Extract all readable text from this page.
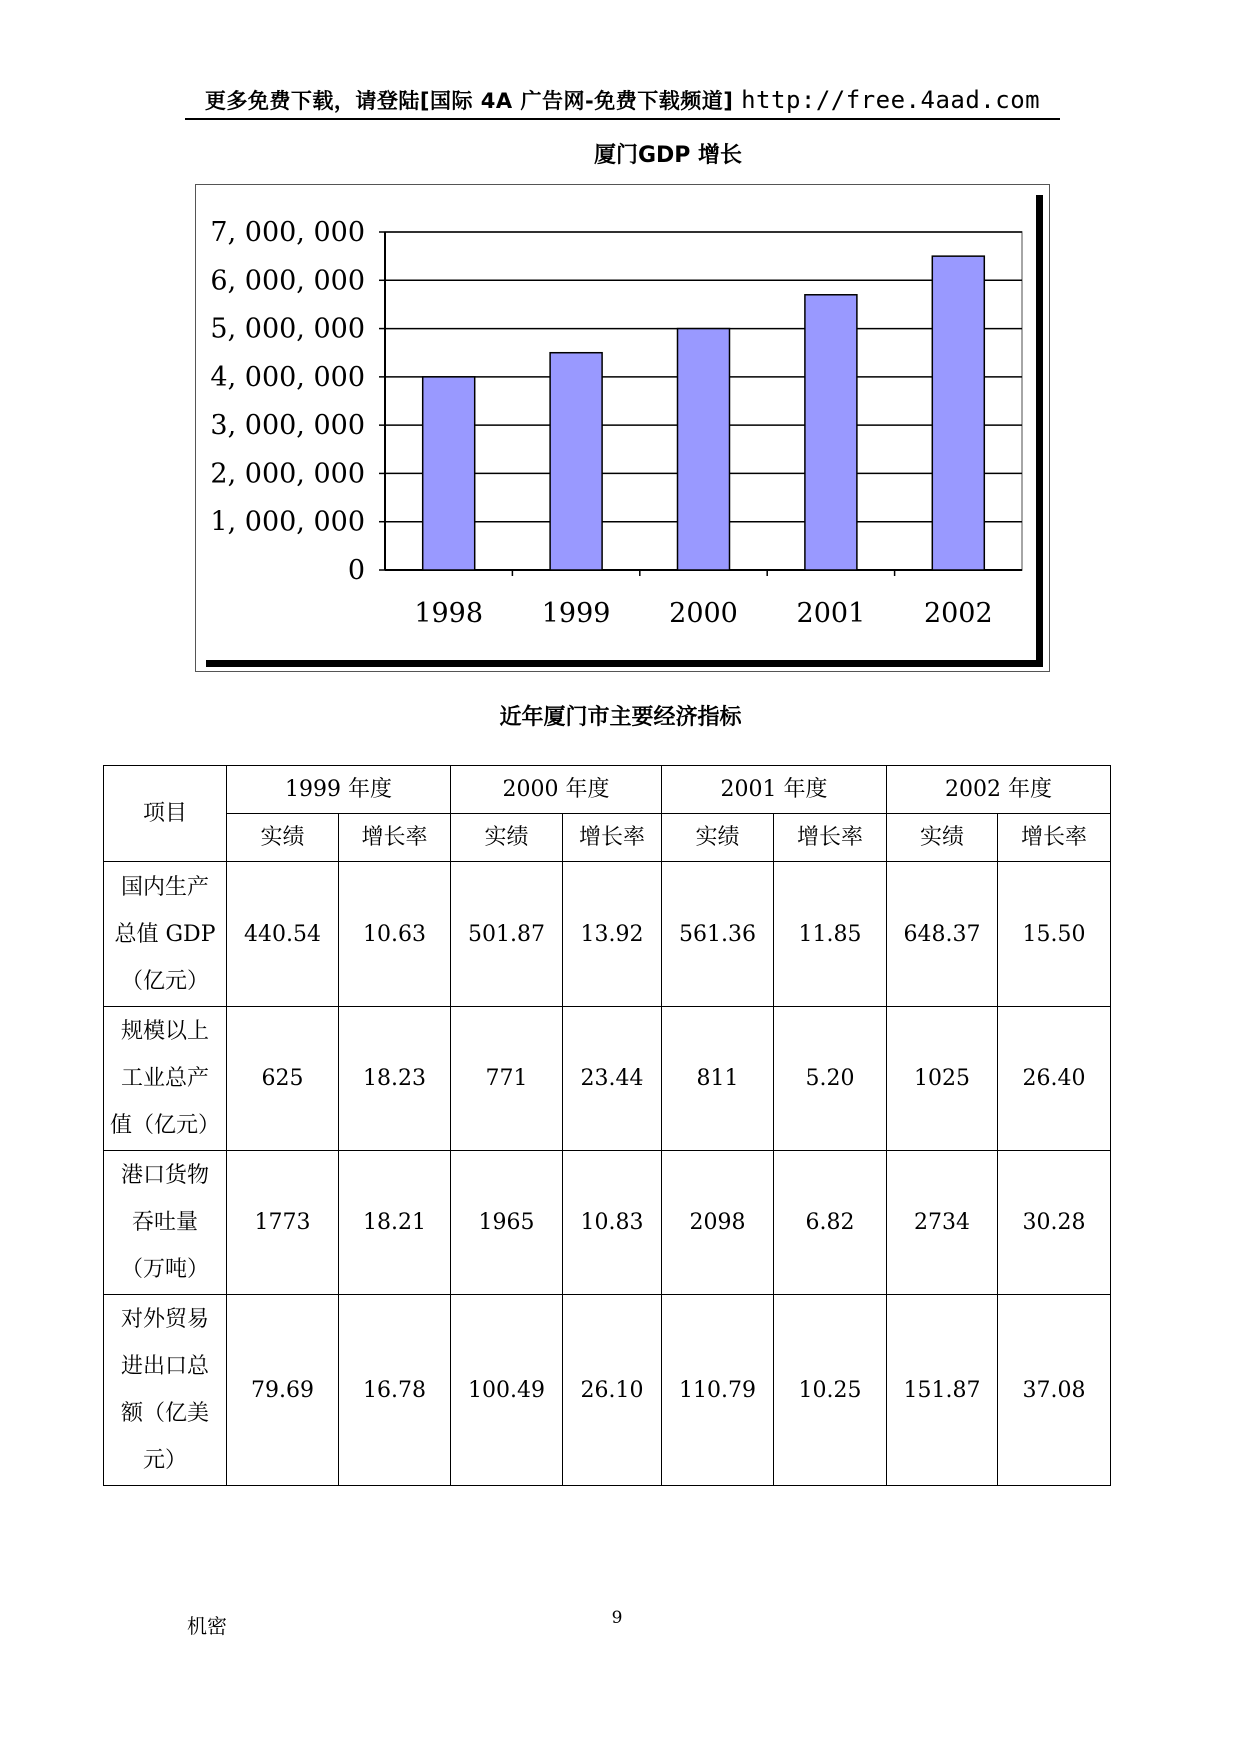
更多免费下载，请登陆[国际 4A 广告网-免费下载频道] http://free.4aad.com
厦门GDP 增长
0
1, 000, 000
2, 000, 000
3, 000, 000
4, 000, 000
5, 000, 000
6, 000, 000
7, 000, 000
1998 1999 2000 2001 2002
近年厦门市主要经济指标
项目	1999 年度		2000 年度		2001 年度		2002 年度	
	实绩	增长率	实绩	增长率	实绩	增长率	实绩	增长率

国内生产
总值 GDP
（亿元）	440.54	10.63	501.87	13.92	561.36	11.85	648.37	15.50

规模以上
工业总产
值（亿元）	625	18.23	771	23.44	811	5.20	1025	26.40

港口货物
吞吐量
（万吨）	1773	18.21	1965	10.83	2098	6.82	2734	30.28

对外贸易
进出口总
额（亿美
元）	79.69	16.78	100.49	26.10	110.79	10.25	151.87	37.08
机密	9
